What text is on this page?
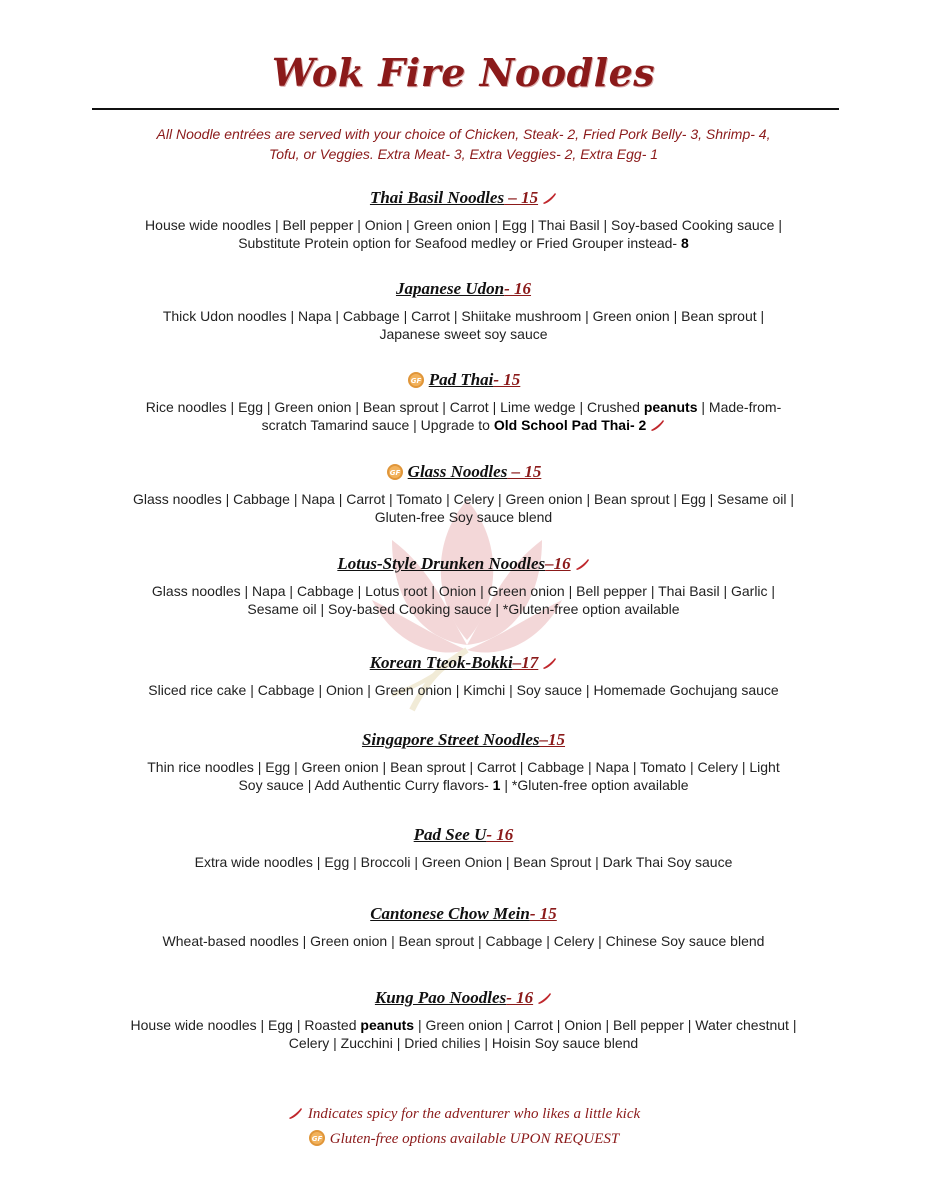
Wok Fire Noodles
All Noodle entrées are served with your choice of Chicken, Steak- 2, Fried Pork Belly- 3, Shrimp- 4,
Tofu, or Veggies. Extra Meat- 3, Extra Veggies- 2, Extra Egg- 1
Thai Basil Noodles – 15
House wide noodles | Bell pepper | Onion | Green onion | Egg | Thai Basil | Soy-based Cooking sauce |
Substitute Protein option for Seafood medley or Fried Grouper instead- 8
Japanese Udon- 16
Thick Udon noodles | Napa | Cabbage | Carrot | Shiitake mushroom | Green onion | Bean sprout |
Japanese sweet soy sauce
GF Pad Thai- 15
Rice noodles | Egg | Green onion | Bean sprout | Carrot | Lime wedge | Crushed peanuts | Made-from-
scratch Tamarind sauce | Upgrade to Old School Pad Thai- 2
GF Glass Noodles – 15
Glass noodles | Cabbage | Napa | Carrot | Tomato | Celery | Green onion | Bean sprout | Egg | Sesame oil |
Gluten-free Soy sauce blend
Lotus-Style Drunken Noodles–16
Glass noodles | Napa | Cabbage | Lotus root | Onion | Green onion | Bell pepper | Thai Basil | Garlic |
Sesame oil | Soy-based Cooking sauce | *Gluten-free option available
Korean Tteok-Bokki–17
Sliced rice cake | Cabbage | Onion | Green onion | Kimchi | Soy sauce | Homemade Gochujang sauce
Singapore Street Noodles–15
Thin rice noodles | Egg | Green onion | Bean sprout | Carrot | Cabbage | Napa | Tomato | Celery | Light
Soy sauce | Add Authentic Curry flavors- 1 | *Gluten-free option available
Pad See U- 16
Extra wide noodles | Egg | Broccoli | Green Onion | Bean Sprout | Dark Thai Soy sauce
Cantonese Chow Mein- 15
Wheat-based noodles | Green onion | Bean sprout | Cabbage | Celery | Chinese Soy sauce blend
Kung Pao Noodles- 16
House wide noodles | Egg | Roasted peanuts | Green onion | Carrot | Onion | Bell pepper | Water chestnut |
Celery | Zucchini | Dried chilies | Hoisin Soy sauce blend
Indicates spicy for the adventurer who likes a little kick
GF Gluten-free options available UPON REQUEST
